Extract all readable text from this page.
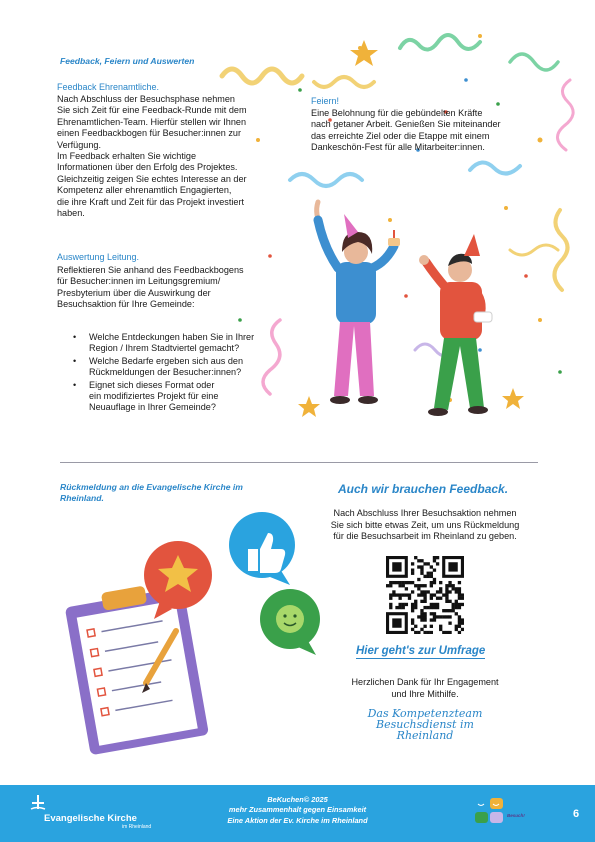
Feedback, Feiern und Auswerten
Feedback Ehrenamtliche.
Nach Abschluss der Besuchsphase nehmen
Sie sich Zeit für eine Feedback-Runde mit dem
Ehrenamtlichen-Team. Hierfür stellen wir Ihnen
einen Feedbackbogen für Besucher:innen zur
Verfügung.
Im Feedback erhalten Sie wichtige
Informationen über den Erfolg des Projektes.
Gleichzeitig zeigen Sie echtes Interesse an der
Kompetenz aller ehrenamtlich Engagierten,
die ihre Kraft und Zeit für das Projekt investiert
haben.
Auswertung Leitung.
Reflektieren Sie anhand des Feedbackbogens
für Besucher:innen im Leitungsgremium/
Presbyterium über die Auswirkung der
Besuchsaktion für Ihre Gemeinde:
• Welche Entdeckungen haben Sie in Ihrer
Region / Ihrem Stadtviertel gemacht?
• Welche Bedarfe ergeben sich aus den
Rückmeldungen der Besucher:innen?
• Eignet sich dieses Format oder
ein modifiziertes Projekt für eine
Neuauflage in Ihrer Gemeinde?
Feiern!
Eine Belohnung für die gebündelten Kräfte
nach getaner Arbeit. Genießen Sie miteinander
das erreichte Ziel oder die Etappe mit einem
Dankeschön-Fest für alle Mitarbeiter:innen.
Rückmeldung an die Evangelische Kirche im
Rheinland.
Auch wir brauchen Feedback.
Nach Abschluss Ihrer Besuchsaktion nehmen
Sie sich bitte etwas Zeit, um uns Rückmeldung
für die Besuchsarbeit im Rheinland zu geben.
Hier geht's zur Umfrage
Herzlichen Dank für Ihr Engagement
und Ihre Mithilfe.
Das Kompetenzteam
Besuchsdienst im
Rheinland
Evangelische Kirche
im Rheinland
BeKuchen© 2025
mehr Zusammenhalt gegen Einsamkeit
Eine Aktion der Ev. Kirche im Rheinland
Besuch!	6
